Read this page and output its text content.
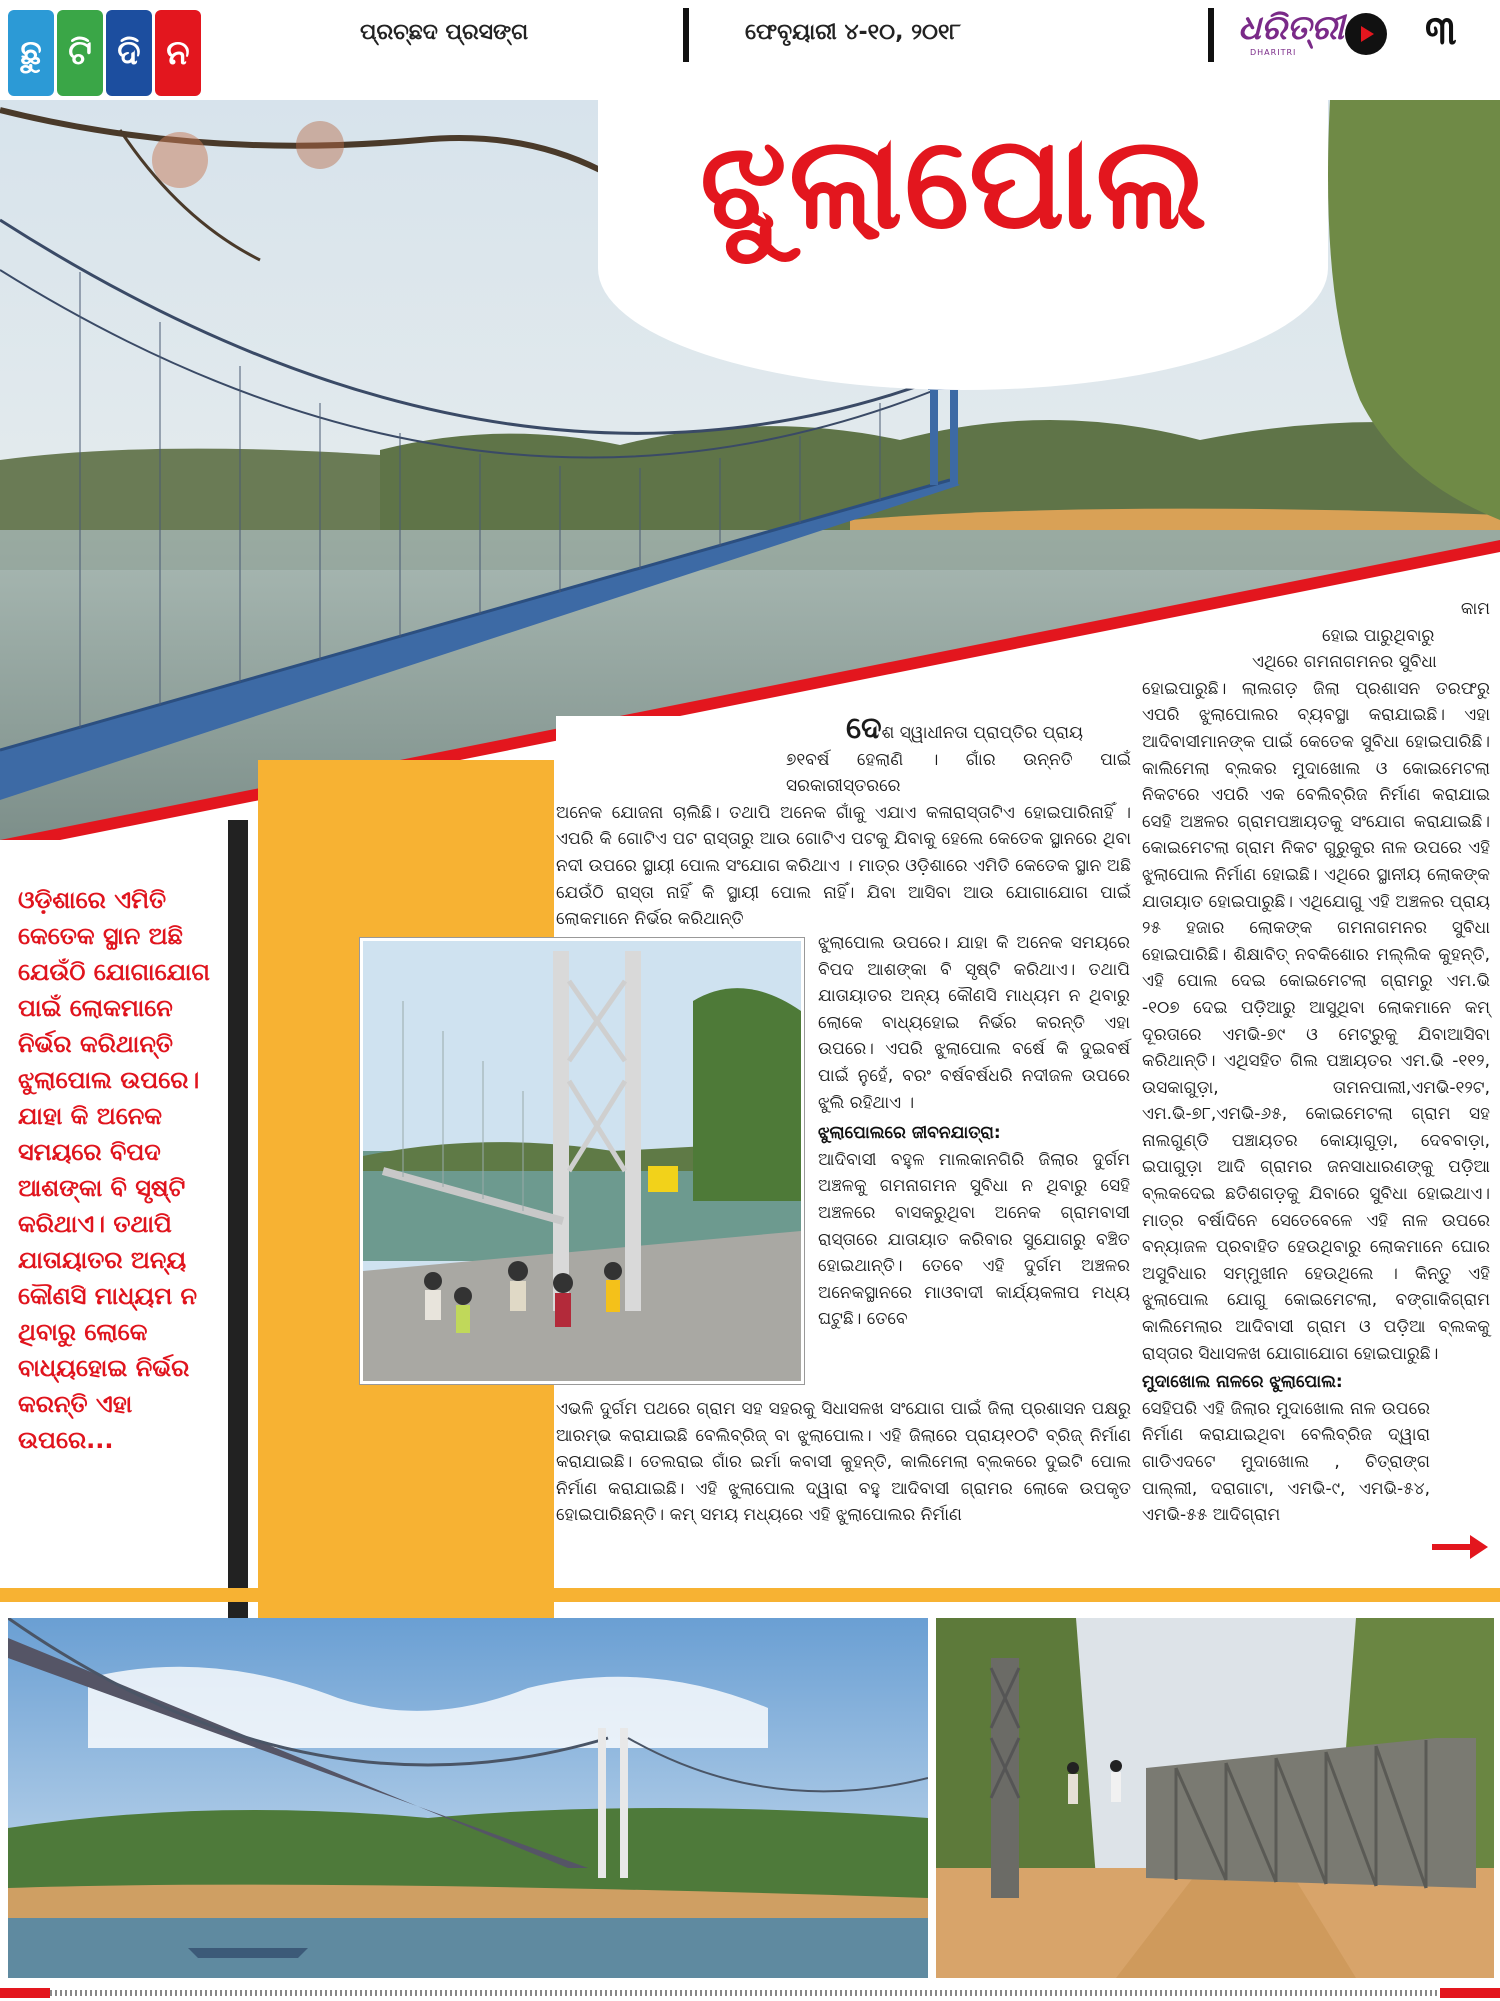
ଛୁ ଟି ଦି ନ
ପ୍ରଚ୍ଛଦ ପ୍ରସଙ୍ଗ	ଫେବୃୟାରୀ ୪-୧୦, ୨୦୧୮	ଧରିତ୍ରୀ
DHARITRI	୩
ଝୁଲାପୋଲ
ଓଡ଼ିଶାରେ ଏମିତି କେତେକ ସ୍ଥାନ ଅଛି ଯେଉଁଠି ଯୋଗାଯୋଗ ପାଇଁ ଲୋକମାନେ ନିର୍ଭର କରିଥାନ୍ତି ଝୁଲାପୋଲ ଉପରେ। ଯାହା କି ଅନେକ ସମୟରେ ବିପଦ ଆଶଙ୍କା ବି ସୃଷ୍ଟି କରିଥାଏ। ତଥାପି ଯାତାୟାତର ଅନ୍ୟ କୌଣସି ମାଧ୍ୟମ ନ ଥିବାରୁ ଲୋକେ ବାଧ୍ୟହୋଇ ନିର୍ଭର କରନ୍ତି ଏହା ଉପରେ...

ଦେଶ ସ୍ୱାଧୀନତା ପ୍ରାପ୍ତିର ପ୍ରାୟ

୭୧ବର୍ଷ ହେଲାଣି । ଗାଁର ଉନ୍ନତି ପାଇଁ ସରକାରୀସ୍ତରରେ

ଅନେକ ଯୋଜନା ଚାଲିଛି। ତଥାପି ଅନେକ ଗାଁକୁ ଏଯାଏ କଳାରାସ୍ତାଟିଏ ହୋଇପାରିନାହିଁ । ଏପରି କି ଗୋଟିଏ ପଟ ରାସ୍ତାରୁ ଆଉ ଗୋଟିଏ ପଟକୁ ଯିବାକୁ ହେଲେ କେତେକ ସ୍ଥାନରେ ଥିବା ନଦୀ ଉପରେ ସ୍ଥାୟୀ ପୋଲ ସଂଯୋଗ କରିଥାଏ । ମାତ୍ର ଓଡ଼ିଶାରେ ଏମିତି କେତେକ ସ୍ଥାନ ଅଛି ଯେଉଁଠି ରାସ୍ତା ନାହିଁ କି ସ୍ଥାୟୀ ପୋଲ ନାହିଁ। ଯିବା ଆସିବା ଆଉ ଯୋଗାଯୋଗ ପାଇଁ ଲୋକମାନେ ନିର୍ଭର କରିଥାନ୍ତି

ଝୁଲାପୋଲ ଉପରେ। ଯାହା କି ଅନେକ ସମୟରେ ବିପଦ ଆଶଙ୍କା ବି ସୃଷ୍ଟି କରିଥାଏ। ତଥାପି ଯାତାୟାତର ଅନ୍ୟ କୌଣସି ମାଧ୍ୟମ ନ ଥିବାରୁ ଲୋକେ ବାଧ୍ୟହୋଇ ନିର୍ଭର କରନ୍ତି ଏହା ଉପରେ। ଏପରି ଝୁଲାପୋଲ ବର୍ଷେ କି ଦୁଇବର୍ଷ ପାଇଁ ନୁହେଁ, ବରଂ ବର୍ଷବର୍ଷଧରି ନଦୀଜଳ ଉପରେ ଝୁଲି ରହିଥାଏ ।

ଝୁଲାପୋଲରେ ଜୀବନଯାତ୍ରା:

ଆଦିବାସୀ ବହୁଳ ମାଲକାନଗିରି ଜିଲାର ଦୁର୍ଗମ ଅଞ୍ଚଳକୁ ଗମନାଗମନ ସୁବିଧା ନ ଥିବାରୁ ସେହି ଅଞ୍ଚଳରେ ବାସକରୁଥିବା ଅନେକ ଗ୍ରାମବାସୀ ରାସ୍ତାରେ ଯାତାୟାତ କରିବାର ସୁଯୋଗରୁ ବଞ୍ଚିତ ହୋଇଥାନ୍ତି। ତେବେ ଏହି ଦୁର୍ଗମ ଅଞ୍ଚଳର ଅନେକସ୍ଥାନରେ ମାଓବାଦୀ କାର୍ଯ୍ୟକଳାପ ମଧ୍ୟ ଘଟୁଛି। ତେବେ

ଏଭଳି ଦୁର୍ଗମ ପଥରେ ଗ୍ରାମ ସହ ସହରକୁ ସିଧାସଳଖ ସଂଯୋଗ ପାଇଁ ଜିଲା ପ୍ରଶାସନ ପକ୍ଷରୁ ଆରମ୍ଭ କରାଯାଇଛି ବେଲିବ୍ରିଜ୍ ବା ଝୁଲାପୋଲ। ଏହି ଜିଲାରେ ପ୍ରାୟ୧୦ଟି ବ୍ରିଜ୍ ନିର୍ମାଣ କରାଯାଇଛି। ତେଲରାଇ ଗାଁର ଇର୍ମା କବାସୀ କୁହନ୍ତି, କାଲିମେଲା ବ୍ଲକରେ ଦୁଇଟି ପୋଲ ନିର୍ମାଣ କରାଯାଇଛି। ଏହି ଝୁଲାପୋଲ ଦ୍ୱାରା ବହୁ ଆଦିବାସୀ ଗ୍ରାମର ଲୋକେ ଉପକୃତ ହୋଇପାରିଛନ୍ତି। କମ୍ ସମୟ ମଧ୍ୟରେ ଏହି ଝୁଲାପୋଲର ନିର୍ମାଣ

କାମ

ହୋଇ ପାରୁଥିବାରୁ

ଏଥିରେ ଗମନାଗମନର ସୁବିଧା

ହୋଇପାରୁଛି। ଲାଲଗଡ଼ ଜିଲା ପ୍ରଶାସନ ତରଫରୁ ଏପରି ଝୁଲାପୋଲର ବ୍ୟବସ୍ଥା କରାଯାଇଛି। ଏହା ଆଦିବାସୀମାନଙ୍କ ପାଇଁ କେତେକ ସୁବିଧା ହୋଇପାରିଛି। କାଲିମେଲା ବ୍ଲକର ମୁଦାଖୋଲ ଓ କୋଇମେଟଲା ନିକଟରେ ଏପରି ଏକ ବେଲିବ୍ରିଜ ନିର୍ମାଣ କରାଯାଇ ସେହି ଅଞ୍ଚଳର ଗ୍ରାମପଞ୍ଚାୟତକୁ ସଂଯୋଗ କରାଯାଇଛି। କୋଇମେଟଲା ଗ୍ରାମ ନିକଟ ଗୁରୁକୁର ନାଳ ଉପରେ ଏହି ଝୁଲାପୋଲ ନିର୍ମାଣ ହୋଇଛି। ଏଥିରେ ସ୍ଥାନୀୟ ଲୋକଙ୍କ ଯାତାୟାତ ହୋଇପାରୁଛି। ଏଥିଯୋଗୁ ଏହି ଅଞ୍ଚଳର ପ୍ରାୟ ୨୫ ହଜାର ଲୋକଙ୍କ ଗମନାଗମନର ସୁବିଧା ହୋଇପାରିଛି। ଶିକ୍ଷାବିତ୍ ନବକିଶୋର ମଲ୍ଲିକ କୁହନ୍ତି, ଏହି ପୋଲ ଦେଇ କୋଇମେଟଲା ଗ୍ରାମରୁ ଏମ.ଭି -୧୦୭ ଦେଇ ପଡ଼ିଆରୁ ଆସୁଥିବା ଲୋକମାନେ କମ୍ ଦୂରତାରେ ଏମଭି-୭୯ ଓ ମେଟ୍ରୁକୁ ଯିବାଆସିବା କରିଥାନ୍ତି। ଏଥିସହିତ ଗିଲ ପଞ୍ଚାୟତର ଏମ.ଭି -୧୧୨, ଉସକାଗୁଡ଼ା, ତାମନପାଲୀ,ଏମଭି-୧୨ଟ, ଏମ.ଭି-୭୮,ଏମଭି-୬୫, କୋଇମେଟଲା ଗ୍ରାମ ସହ ନାଲଗୁଣ୍ଡି ପଞ୍ଚାୟତର କୋୟାଗୁଡ଼ା, ଦେବବାଡ଼ା, ଇପାଗୁଡ଼ା ଆଦି ଗ୍ରାମର ଜନସାଧାରଣଙ୍କୁ ପଡ଼ିଆ ବ୍ଲକଦେଇ ଛତିଶଗଡ଼କୁ ଯିବାରେ ସୁବିଧା ହୋଇଥାଏ। ମାତ୍ର ବର୍ଷାଦିନେ ସେତେବେଳେ ଏହି ନାଳ ଉପରେ ବନ୍ୟାଜଳ ପ୍ରବାହିତ ହେଉଥିବାରୁ ଲୋକମାନେ ଘୋର ଅସୁବିଧାର ସମ୍ମୁଖୀନ ହେଉଥିଲେ । କିନ୍ତୁ ଏହି ଝୁଲାପୋଲ ଯୋଗୁ କୋଇମେଟଲା, ବଙ୍ଗାକିଗ୍ରାମ କାଲିମେଲାର ଆଦିବାସୀ ଗ୍ରାମ ଓ ପଡ଼ିଆ ବ୍ଲକକୁ ରାସ୍ତାର ସିଧାସଳଖ ଯୋଗାଯୋଗ ହୋଇପାରୁଛି।

ମୁଦାଖୋଲ ନାଳରେ ଝୁଲାପୋଲ:

ସେହିପରି ଏହି ଜିଲାର ମୁଦାଖୋଲ ନାଳ ଉପରେ ନିର୍ମାଣ କରାଯାଇଥିବା ବେଲିବ୍ରିଜ ଦ୍ୱାରା ଗାଡିଏଦଟେ ମୁଦାଖୋଲ , ଚିତ୍ରାଙ୍ଗ ପାଲ୍ଲୀ, ଦରାଗାଟା, ଏମଭି-୯, ଏମଭି-୫୪, ଏମଭି-୫୫ ଆଦିଗ୍ରାମ
